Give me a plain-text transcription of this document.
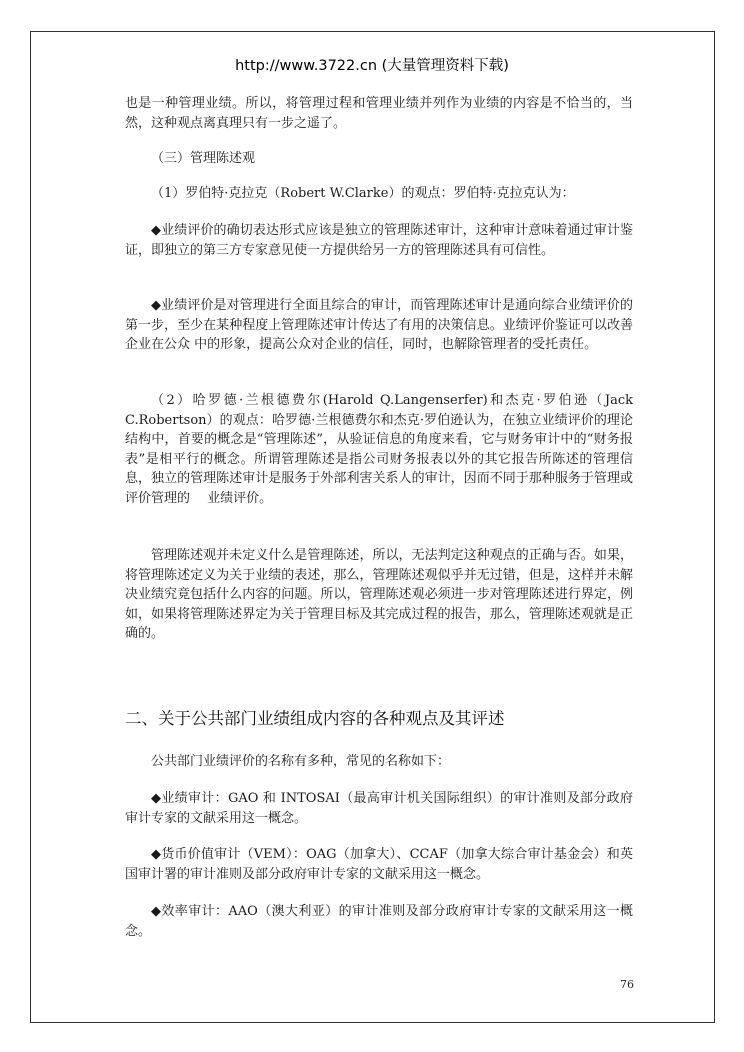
http://www.3722.cn (大量管理资料下载)
也是一种管理业绩。所以，将管理过程和管理业绩并列作为业绩的内容是不恰当的，当然，这种观点离真理只有一步之遥了。
（三）管理陈述观
（1）罗伯特·克拉克（Robert W.Clarke）的观点：罗伯特·克拉克认为：
◆业绩评价的确切表达形式应该是独立的管理陈述审计，这种审计意味着通过审计鉴证，即独立的第三方专家意见使一方提供给另一方的管理陈述具有可信性。
◆业绩评价是对管理进行全面且综合的审计，而管理陈述审计是通向综合业绩评价的第一步，至少在某种程度上管理陈述审计传达了有用的决策信息。业绩评价鉴证可以改善企业在公众 中的形象，提高公众对企业的信任，同时，也解除管理者的受托责任。
（2）哈罗德·兰根德费尔(Harold Q.Langenserfer)和杰克·罗伯逊（Jack C.Robertson）的观点：哈罗德·兰根德费尔和杰克·罗伯逊认为，在独立业绩评价的理论结构中，首要的概念是“管理陈述”，从验证信息的角度来看，它与财务审计中的“财务报表”是相平行的概念。所谓管理陈述是指公司财务报表以外的其它报告所陈述的管理信息，独立的管理陈述审计是服务于外部利害关系人的审计，因而不同于那种服务于管理或评价管理的　 业绩评价。
管理陈述观并未定义什么是管理陈述，所以，无法判定这种观点的正确与否。如果，将管理陈述定义为关于业绩的表述，那么，管理陈述观似乎并无过错，但是，这样并未解决业绩究竟包括什么内容的问题。所以，管理陈述观必须进一步对管理陈述进行界定，例如，如果将管理陈述界定为关于管理目标及其完成过程的报告，那么，管理陈述观就是正确的。
二、关于公共部门业绩组成内容的各种观点及其评述
公共部门业绩评价的名称有多种，常见的名称如下：
◆业绩审计：GAO 和 INTOSAI（最高审计机关国际组织）的审计准则及部分政府审计专家的文献采用这一概念。
◆货币价值审计（VEM）：OAG（加拿大）、CCAF（加拿大综合审计基金会）和英国审计署的审计准则及部分政府审计专家的文献采用这一概念。
◆效率审计：AAO（澳大利亚）的审计准则及部分政府审计专家的文献采用这一概念。
76
